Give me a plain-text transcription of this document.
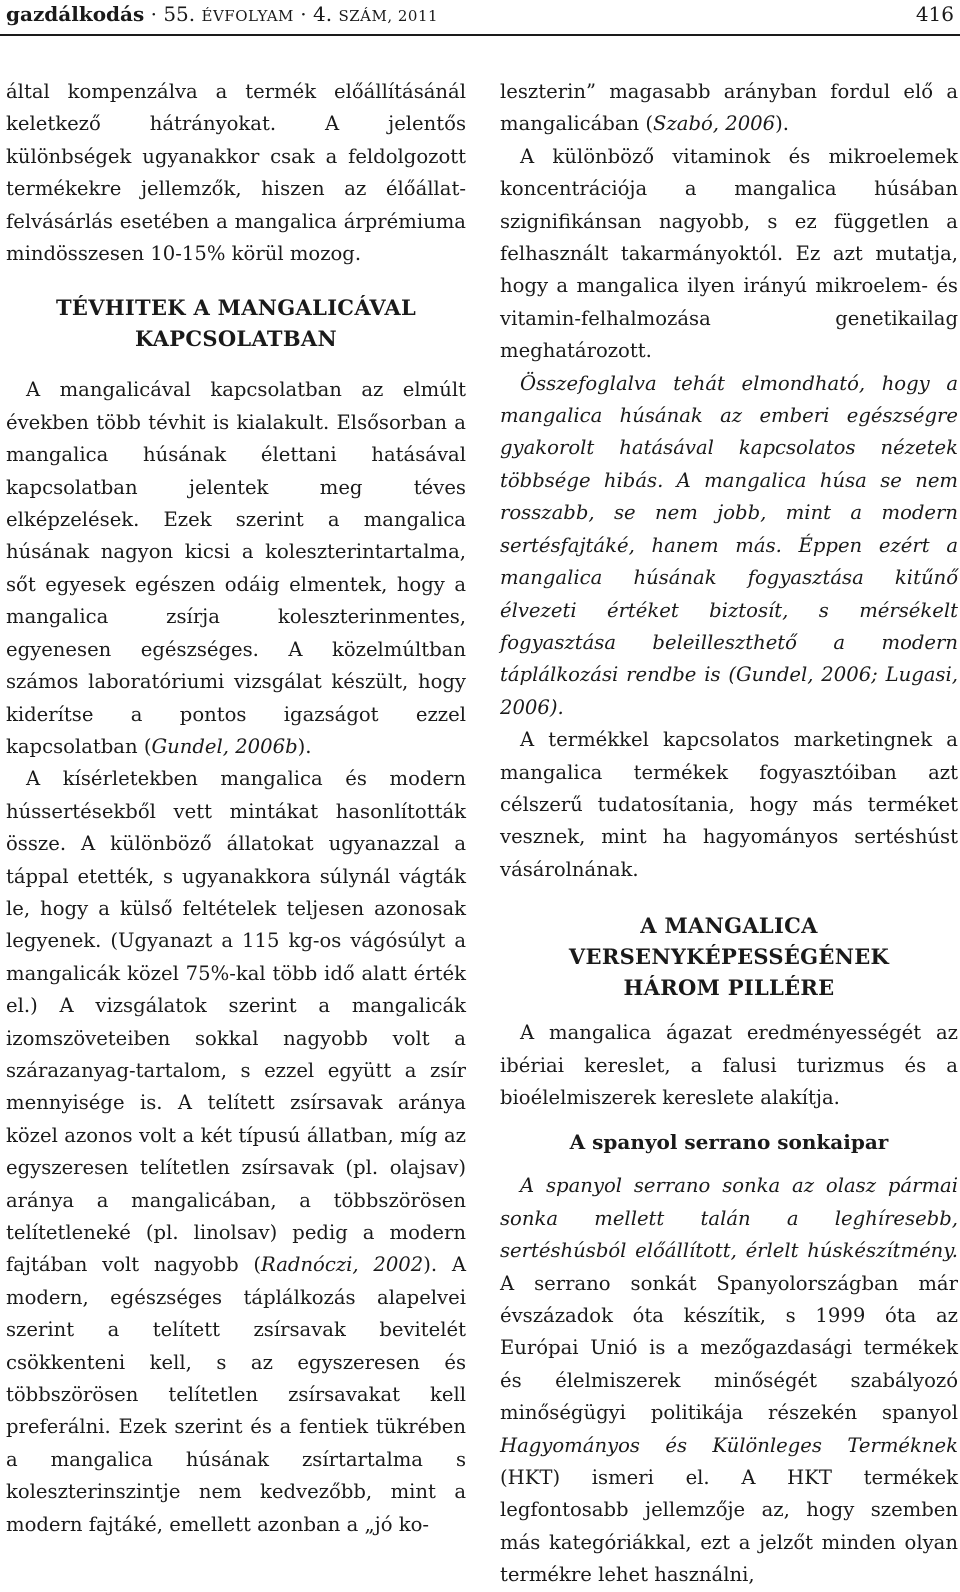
gazdálkodás · 55. ÉVFOLYAM · 4. SZÁM, 2011	416

által kompenzálva a termék előállításánál keletkező hátrányokat. A jelentős különbségek ugyanakkor csak a feldolgozott termékekre jellemzők, hiszen az élőállat-felvásárlás esetében a mangalica árprémiuma mindösszesen 10-15% körül mozog.

TÉVHITEK A MANGALICÁVAL
KAPCSOLATBAN

A mangalicával kapcsolatban az elmúlt években több tévhit is kialakult. Elsősorban a mangalica húsának élettani hatásával kapcsolatban jelentek meg téves elképzelések. Ezek szerint a mangalica húsának nagyon kicsi a koleszterintartalma, sőt egyesek egészen odáig elmentek, hogy a mangalica zsírja koleszterinmentes, egyenesen egészséges. A közelmúltban számos laboratóriumi vizsgálat készült, hogy kiderítse a pontos igazságot ezzel kapcsolatban (Gundel, 2006b).

A kísérletekben mangalica és modern hússertésekből vett mintákat hasonlították össze. A különböző állatokat ugyanazzal a táppal etették, s ugyanakkora súlynál vágták le, hogy a külső feltételek teljesen azonosak legyenek. (Ugyanazt a 115 kg-os vágósúlyt a mangalicák közel 75%-kal több idő alatt érték el.) A vizsgálatok szerint a mangalicák izomszöveteiben sokkal nagyobb volt a szárazanyag-tartalom, s ezzel együtt a zsír mennyisége is. A telített zsírsavak aránya közel azonos volt a két típusú állatban, míg az egyszeresen telítetlen zsírsavak (pl. olajsav) aránya a mangalicában, a többszörösen telítetleneké (pl. linolsav) pedig a modern fajtában volt nagyobb (Radnóczi, 2002). A modern, egészséges táplálkozás alapelvei szerint a telített zsírsavak bevitelét csökkenteni kell, s az egyszeresen és többszörösen telítetlen zsírsavakat kell preferálni. Ezek szerint és a fentiek tükrében a mangalica húsának zsírtartalma s koleszterinszintje nem kedvezőbb, mint a modern fajtáké, emellett azonban a „jó ko-

leszterin” magasabb arányban fordul elő a mangalicában (Szabó, 2006).

A különböző vitaminok és mikroelemek koncentrációja a mangalica húsában szignifikánsan nagyobb, s ez független a felhasznált takarmányoktól. Ez azt mutatja, hogy a mangalica ilyen irányú mikroelem- és vitamin-felhalmozása genetikailag meghatározott.

Összefoglalva tehát elmondható, hogy a mangalica húsának az emberi egészségre gyakorolt hatásával kapcsolatos nézetek többsége hibás. A mangalica húsa se nem rosszabb, se nem jobb, mint a modern sertésfajtáké, hanem más. Éppen ezért a mangalica húsának fogyasztása kitűnő élvezeti értéket biztosít, s mérsékelt fogyasztása beleilleszthető a modern táplálkozási rendbe is (Gundel, 2006; Lugasi, 2006).

A termékkel kapcsolatos marketingnek a mangalica termékek fogyasztóiban azt célszerű tudatosítania, hogy más terméket vesznek, mint ha hagyományos sertéshúst vásárolnának.

A MANGALICA
VERSENYKÉPESSÉGÉNEK
HÁROM PILLÉRE

A mangalica ágazat eredményességét az ibériai kereslet, a falusi turizmus és a bioélelmiszerek kereslete alakítja.

A spanyol serrano sonkaipar

A spanyol serrano sonka az olasz pármai sonka mellett talán a leghíresebb, sertéshúsból előállított, érlelt húskészítmény. A serrano sonkát Spanyolországban már évszázadok óta készítik, s 1999 óta az Európai Unió is a mezőgazdasági termékek és élelmiszerek minőségét szabályozó minőségügyi politikája részekén spanyol Hagyományos és Különleges Terméknek (HKT) ismeri el. A HKT termékek legfontosabb jellemzője az, hogy szemben más kategóriákkal, ezt a jelzőt minden olyan termékre lehet használni,
